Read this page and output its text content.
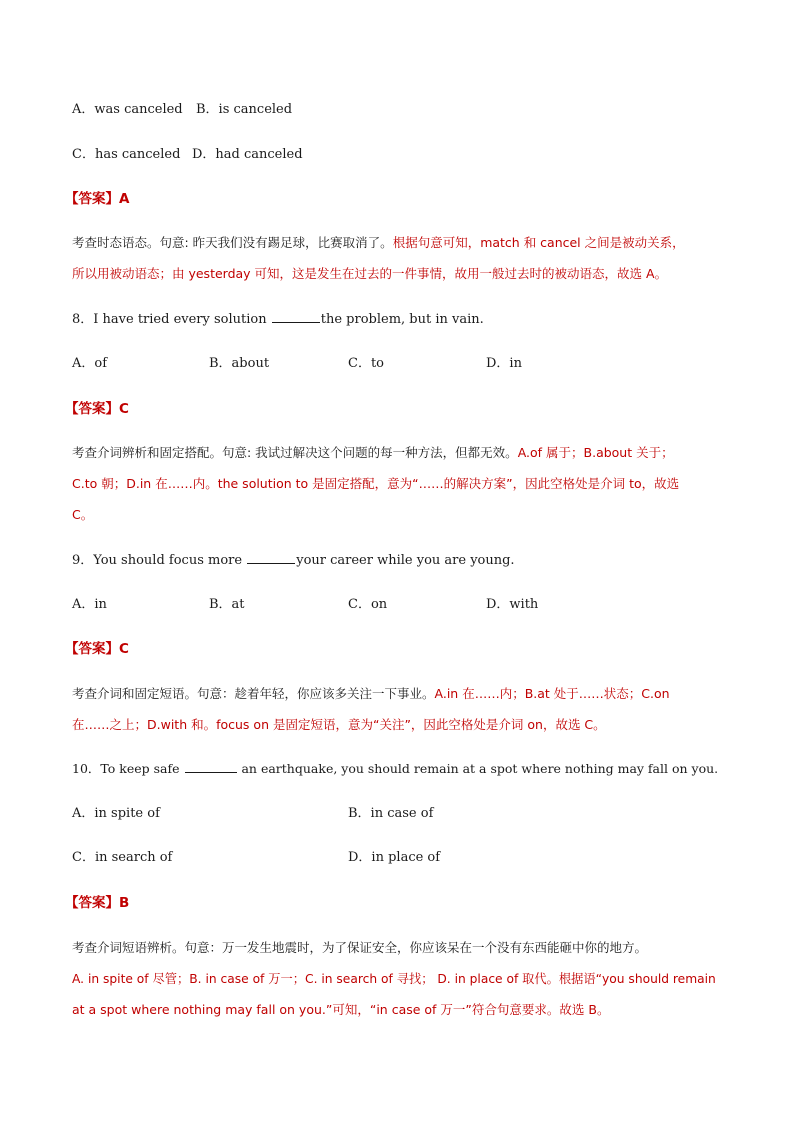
A．was canceled B．is canceled
C．has canceled D．had canceled
【答案】A
考查时态语态。句意: 昨天我们没有踢足球，比赛取消了。根据句意可知，match 和 cancel 之间是被动关系，
所以用被动语态；由 yesterday 可知，这是发生在过去的一件事情，故用一般过去时的被动语态，故选 A。
8．I have tried every solution	the problem, but in vain.
A．of	B．about	C．to	D．in
【答案】C
考查介词辨析和固定搭配。句意: 我试过解决这个问题的每一种方法，但都无效。A.of 属于；B.about 关于；
C.to 朝；D.in 在……内。the solution to 是固定搭配，意为“……的解决方案”，因此空格处是介词 to，故选
C。
9．You should focus more	your career while you are young.
A．in	B．at	C．on	D．with
【答案】C
考查介词和固定短语。句意：趁着年轻，你应该多关注一下事业。A.in 在……内；B.at 处于……状态；C.on
在……之上；D.with 和。focus on 是固定短语，意为“关注”，因此空格处是介词 on，故选 C。
10．To keep safe	an earthquake, you should remain at a spot where nothing may fall on you.
A．in spite of	B．in case of
C．in search of	D．in place of
【答案】B
考查介词短语辨析。句意：万一发生地震时，为了保证安全，你应该呆在一个没有东西能砸中你的地方。
A. in spite of 尽管；B. in case of 万一；C. in search of 寻找； D. in place of 取代。根据语“you should remain
at a spot where nothing may fall on you.”可知，“in case of 万一”符合句意要求。故选 B。
